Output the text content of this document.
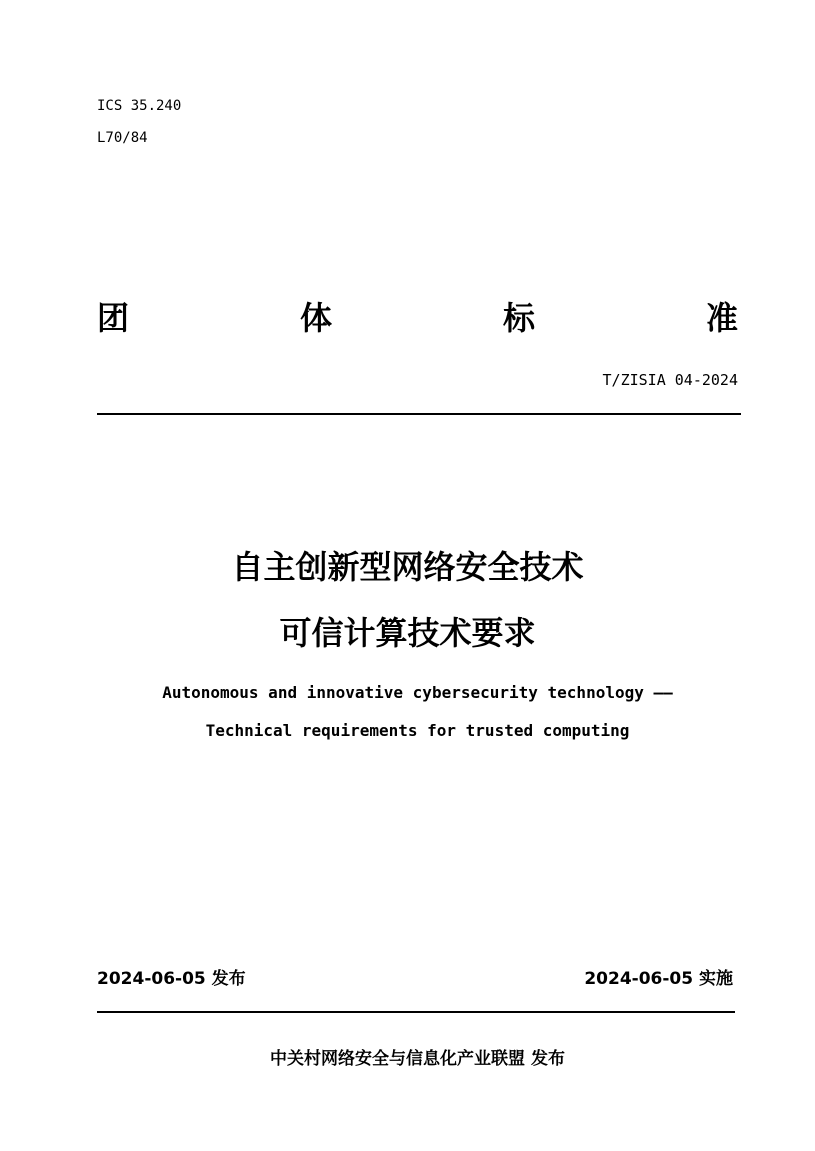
ICS 35.240
L70/84
团	体	标	准
T/ZISIA 04-2024
自主创新型网络安全技术
可信计算技术要求
Autonomous and innovative cybersecurity technology ——
Technical requirements for trusted computing
2024-06-05 发布	2024-06-05 实施
中关村网络安全与信息化产业联盟 发布
